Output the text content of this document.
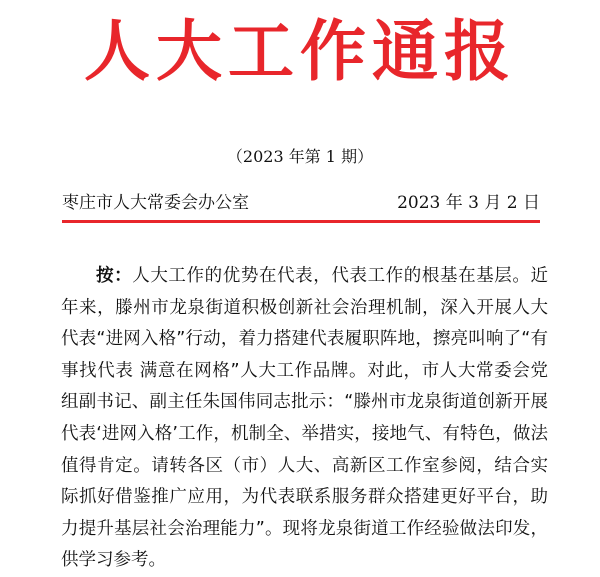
人大工作通报
（2023 年第 1 期）
枣庄市人大常委会办公室	2023 年 3 月 2 日

按：人大工作的优势在代表，代表工作的根基在基层。近年来，滕州市龙泉街道积极创新社会治理机制，深入开展人大代表“进网入格”行动，着力搭建代表履职阵地，擦亮叫响了“有事找代表 满意在网格”人大工作品牌。对此，市人大常委会党组副书记、副主任朱国伟同志批示：“滕州市龙泉街道创新开展代表‘进网入格’工作，机制全、举措实，接地气、有特色，做法值得肯定。请转各区（市）人大、高新区工作室参阅，结合实际抓好借鉴推广应用，为代表联系服务群众搭建更好平台，助力提升基层社会治理能力”。现将龙泉街道工作经验做法印发，供学习参考。
